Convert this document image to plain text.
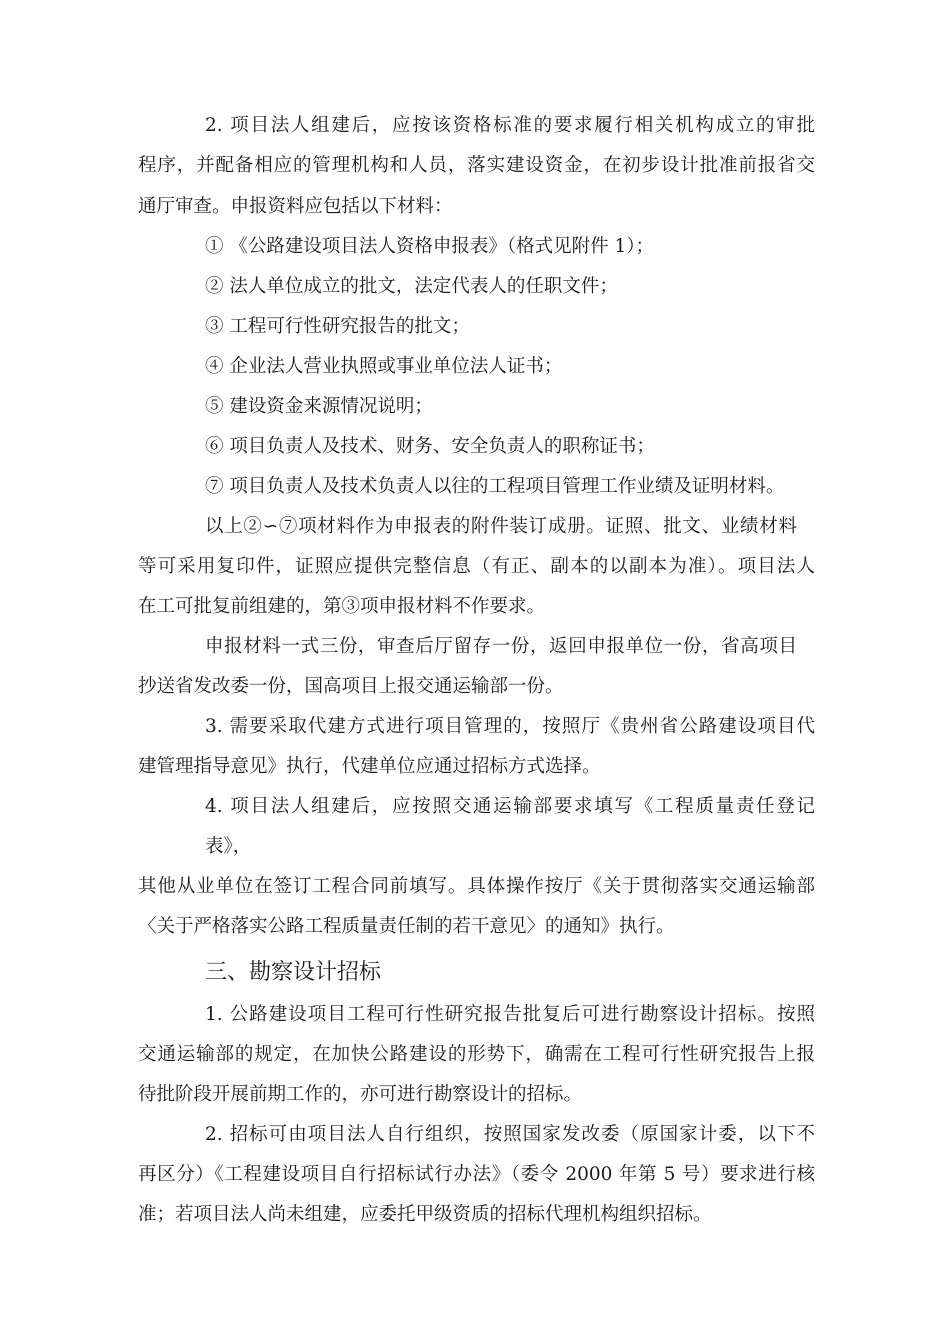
2. 项目法人组建后，应按该资格标准的要求履行相关机构成立的审批
程序，并配备相应的管理机构和人员，落实建设资金，在初步设计批准前报省交
通厅审查。申报资料应包括以下材料：
① 《公路建设项目法人资格申报表》（格式见附件 1）；
② 法人单位成立的批文，法定代表人的任职文件；
③ 工程可行性研究报告的批文；
④ 企业法人营业执照或事业单位法人证书；
⑤ 建设资金来源情况说明；
⑥ 项目负责人及技术、财务、安全负责人的职称证书；
⑦ 项目负责人及技术负责人以往的工程项目管理工作业绩及证明材料。
以上②∽⑦项材料作为申报表的附件装订成册。证照、批文、业绩材料
等可采用复印件，证照应提供完整信息（有正、副本的以副本为准）。项目法人
在工可批复前组建的，第③项申报材料不作要求。
申报材料一式三份，审查后厅留存一份，返回申报单位一份，省高项目
抄送省发改委一份，国高项目上报交通运输部一份。
3. 需要采取代建方式进行项目管理的，按照厅《贵州省公路建设项目代
建管理指导意见》执行，代建单位应通过招标方式选择。
4. 项目法人组建后，应按照交通运输部要求填写《工程质量责任登记
表》，
其他从业单位在签订工程合同前填写。具体操作按厅《关于贯彻落实交通运输部
〈关于严格落实公路工程质量责任制的若干意见〉的通知》执行。
三、勘察设计招标
1. 公路建设项目工程可行性研究报告批复后可进行勘察设计招标。按照
交通运输部的规定，在加快公路建设的形势下，确需在工程可行性研究报告上报
待批阶段开展前期工作的，亦可进行勘察设计的招标。
2. 招标可由项目法人自行组织，按照国家发改委（原国家计委，以下不
再区分）《工程建设项目自行招标试行办法》（委令 2000 年第 5 号）要求进行核
准；若项目法人尚未组建，应委托甲级资质的招标代理机构组织招标。
